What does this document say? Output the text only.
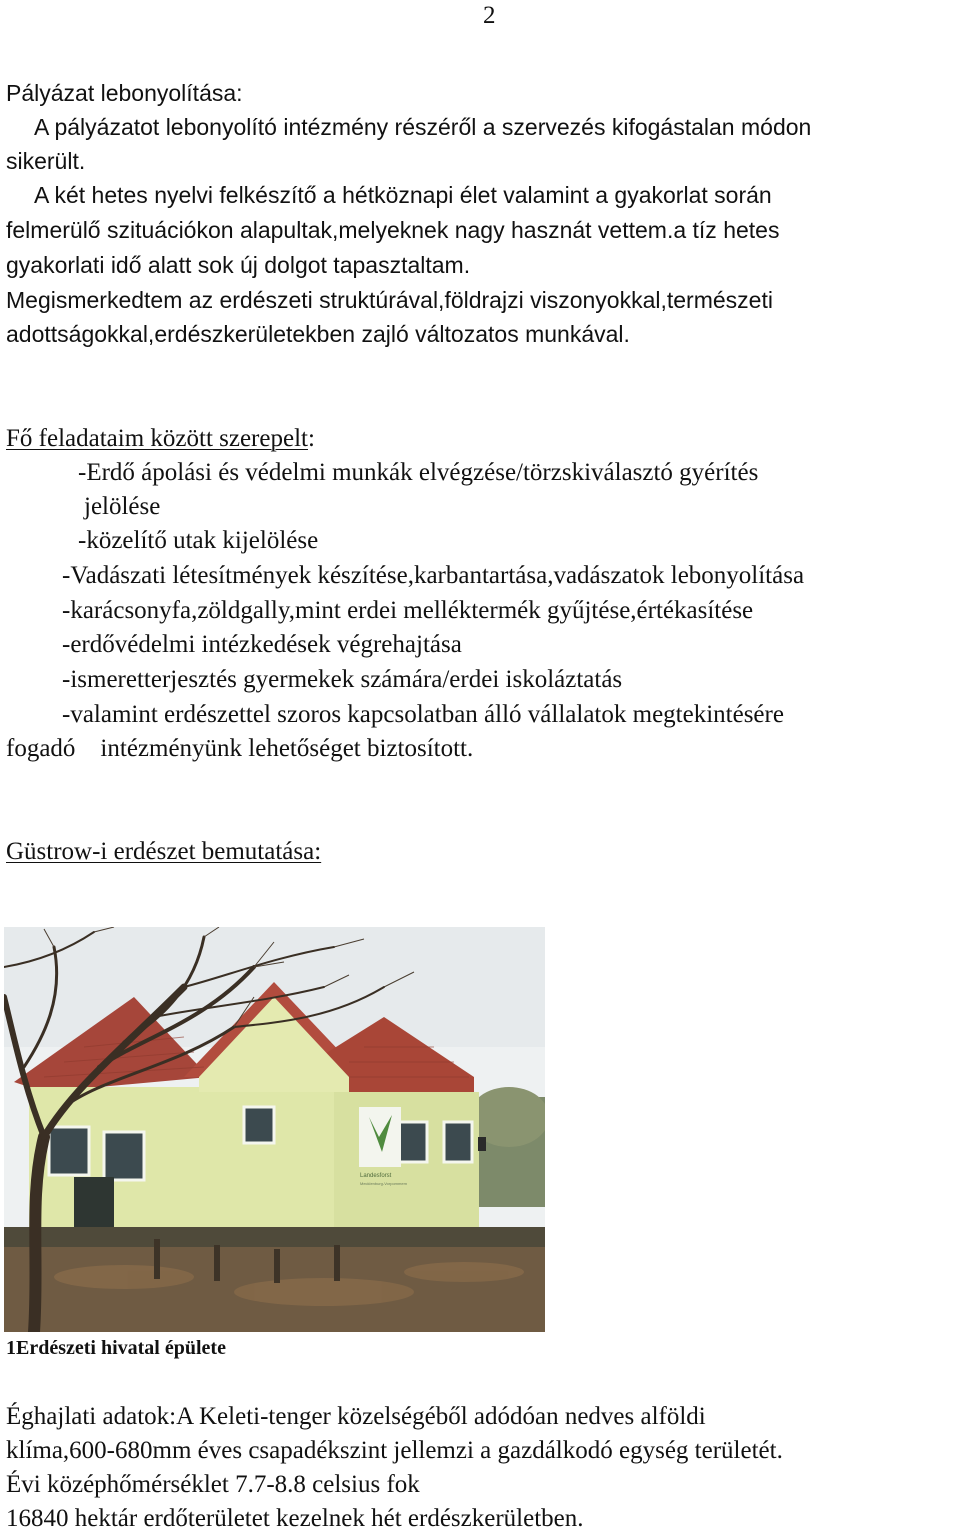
2
Pályázat lebonyolítása:
A pályázatot lebonyolító intézmény részéről a szervezés kifogástalan módon
sikerült.
A két hetes nyelvi felkészítő a hétköznapi élet valamint a gyakorlat során
felmerülő szituációkon alapultak,melyeknek nagy hasznát vettem.a tíz hetes
gyakorlati idő alatt sok új dolgot tapasztaltam.
Megismerkedtem az erdészeti struktúrával,földrajzi viszonyokkal,természeti
adottságokkal,erdészkerületekben zajló változatos munkával.
Fő feladataim között szerepelt:
-Erdő ápolási és védelmi munkák elvégzése/törzskiválasztó gyérítés
jelölése
-közelítő utak kijelölése
-Vadászati létesítmények készítése,karbantartása,vadászatok lebonyolítása
-karácsonyfa,zöldgally,mint erdei melléktermék gyűjtése,értékasítése
-erdővédelmi intézkedések végrehajtása
-ismeretterjesztés gyermekek számára/erdei iskoláztatás
-valamint erdészettel szoros kapcsolatban álló vállalatok megtekintésére
fogadó    intézményünk lehetőséget biztosított.
Güstrow-i erdészet bemutatása:
Landesforst
Mecklenburg-Vorpommern
1Erdészeti hivatal épülete
Éghajlati adatok:A Keleti-tenger közelségéből adódóan nedves alföldi
klíma,600-680mm éves csapadékszint jellemzi a gazdálkodó egység területét.
Évi középhőmérséklet 7.7-8.8 celsius fok
16840 hektár erdőterületet kezelnek hét erdészkerületben.
